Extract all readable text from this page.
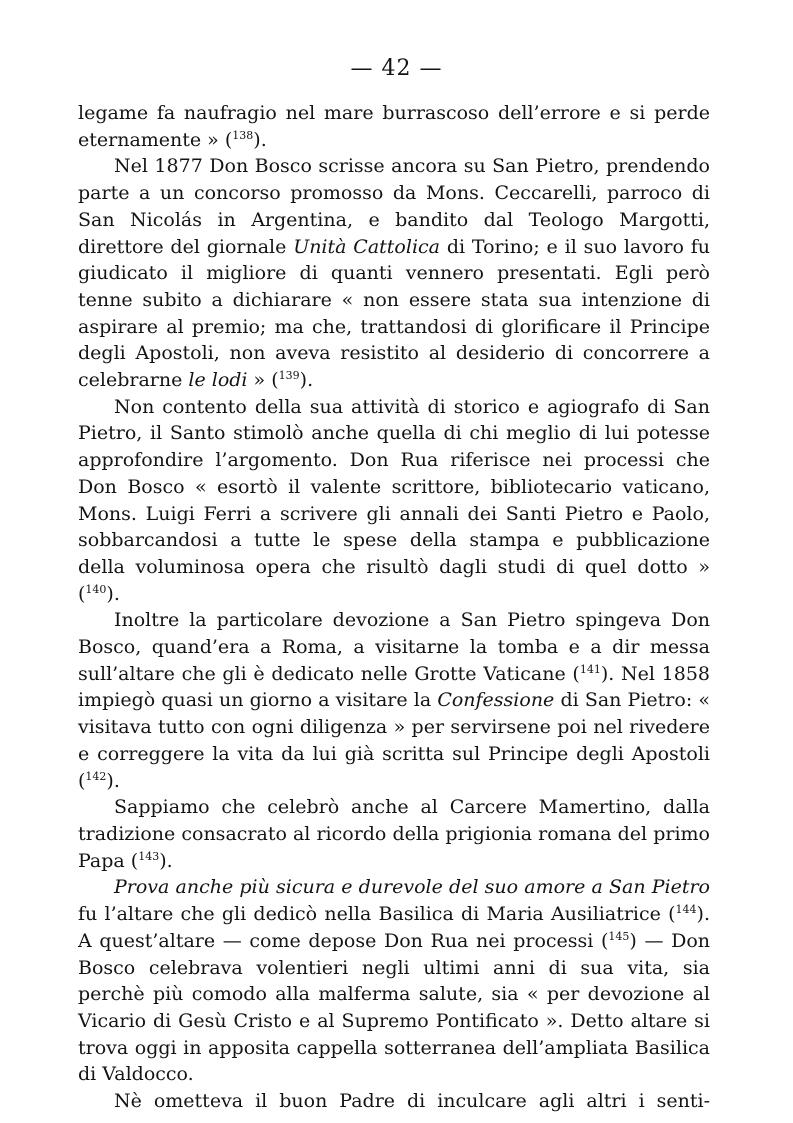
— 42 —

legame fa naufragio nel mare burrascoso dell’errore e si perde eternamente » ($^{138}$).

Nel 1877 Don Bosco scrisse ancora su San Pietro, prendendo parte a un concorso promosso da Mons. Ceccarelli, parroco di San Nicolás in Argentina, e bandito dal Teologo Margotti, direttore del giornale Unità Cattolica di Torino; e il suo lavoro fu giudicato il migliore di quanti vennero presentati. Egli però tenne subito a dichiarare « non essere stata sua intenzione di aspirare al premio; ma che, trattandosi di glorificare il Principe degli Apostoli, non aveva resistito al desiderio di concorrere a celebrarne le lodi » ($^{139}$).

Non contento della sua attività di storico e agiografo di San Pietro, il Santo stimolò anche quella di chi meglio di lui potesse approfondire l’argomento. Don Rua riferisce nei processi che Don Bosco « esortò il valente scrittore, bibliotecario vaticano, Mons. Luigi Ferri a scrivere gli annali dei Santi Pietro e Paolo, sobbarcandosi a tutte le spese della stampa e pubblicazione della voluminosa opera che risultò dagli studi di quel dotto » ($^{140}$).

Inoltre la particolare devozione a San Pietro spingeva Don Bosco, quand’era a Roma, a visitarne la tomba e a dir messa sull’altare che gli è dedicato nelle Grotte Vaticane ($^{141}$). Nel 1858 impiegò quasi un giorno a visitare la Confessione di San Pietro: « visitava tutto con ogni diligenza » per servirsene poi nel rivedere e correggere la vita da lui già scritta sul Principe degli Apostoli ($^{142}$).

Sappiamo che celebrò anche al Carcere Mamertino, dalla tradizione consacrato al ricordo della prigionia romana del primo Papa ($^{143}$).

Prova anche più sicura e durevole del suo amore a San Pietro fu l’altare che gli dedicò nella Basilica di Maria Ausiliatrice ($^{144}$). A quest’altare — come depose Don Rua nei processi ($^{145}$) — Don Bosco celebrava volentieri negli ultimi anni di sua vita, sia perchè più comodo alla malferma salute, sia « per devozione al Vicario di Gesù Cristo e al Supremo Pontificato ». Detto altare si trova oggi in apposita cappella sotterranea dell’ampliata Basilica di Valdocco.

Nè ometteva il buon Padre di inculcare agli altri i senti-
